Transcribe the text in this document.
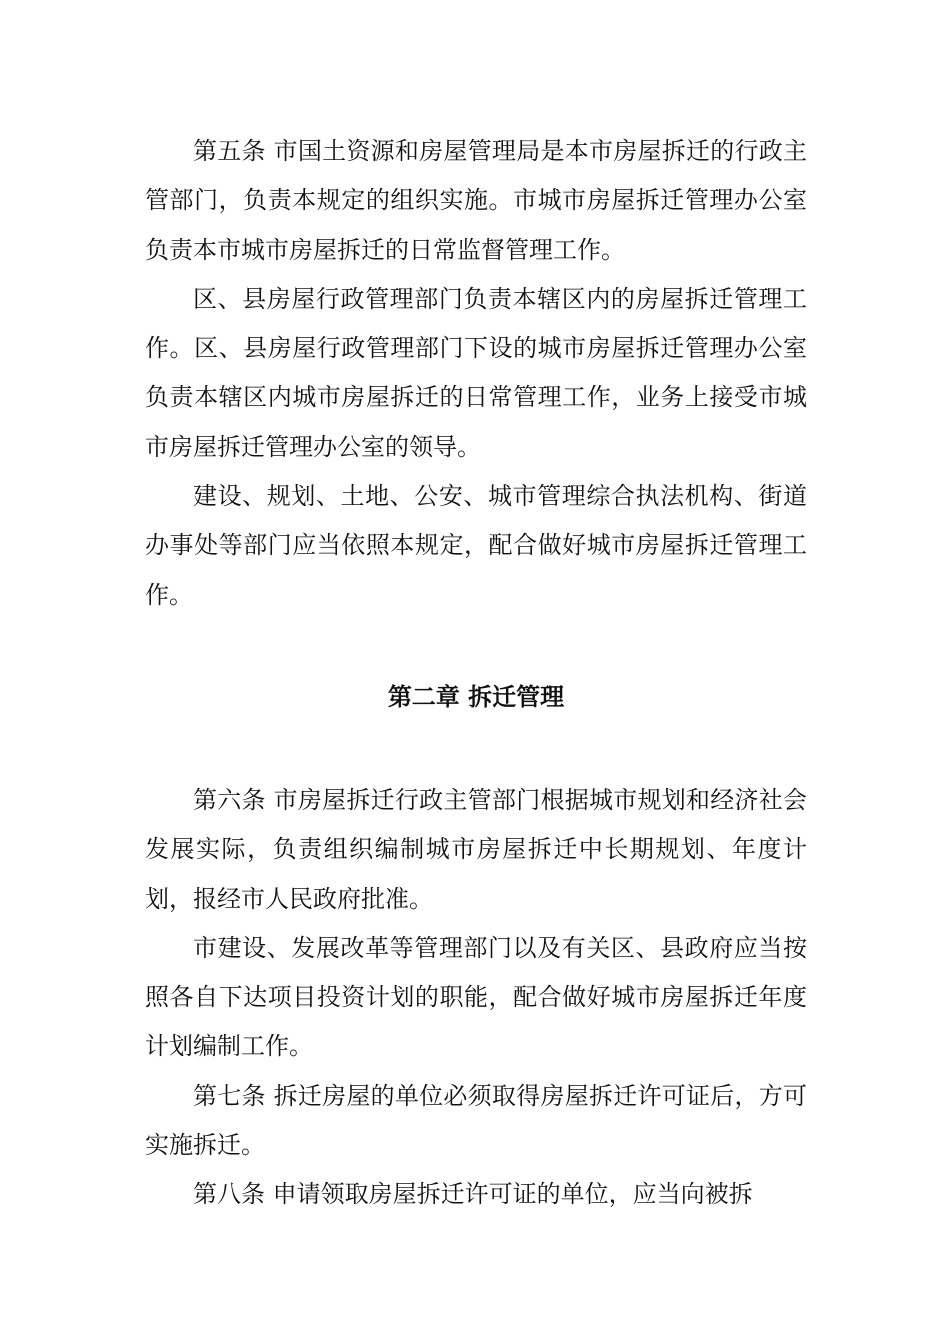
第五条 市国土资源和房屋管理局是本市房屋拆迁的行政主管部门，负责本规定的组织实施。市城市房屋拆迁管理办公室负责本市城市房屋拆迁的日常监督管理工作。

区、县房屋行政管理部门负责本辖区内的房屋拆迁管理工作。区、县房屋行政管理部门下设的城市房屋拆迁管理办公室负责本辖区内城市房屋拆迁的日常管理工作，业务上接受市城市房屋拆迁管理办公室的领导。

建设、规划、土地、公安、城市管理综合执法机构、街道办事处等部门应当依照本规定，配合做好城市房屋拆迁管理工作。

第二章 拆迁管理

第六条 市房屋拆迁行政主管部门根据城市规划和经济社会发展实际，负责组织编制城市房屋拆迁中长期规划、年度计划，报经市人民政府批准。

市建设、发展改革等管理部门以及有关区、县政府应当按照各自下达项目投资计划的职能，配合做好城市房屋拆迁年度计划编制工作。

第七条 拆迁房屋的单位必须取得房屋拆迁许可证后，方可实施拆迁。

第八条 申请领取房屋拆迁许可证的单位，应当向被拆
